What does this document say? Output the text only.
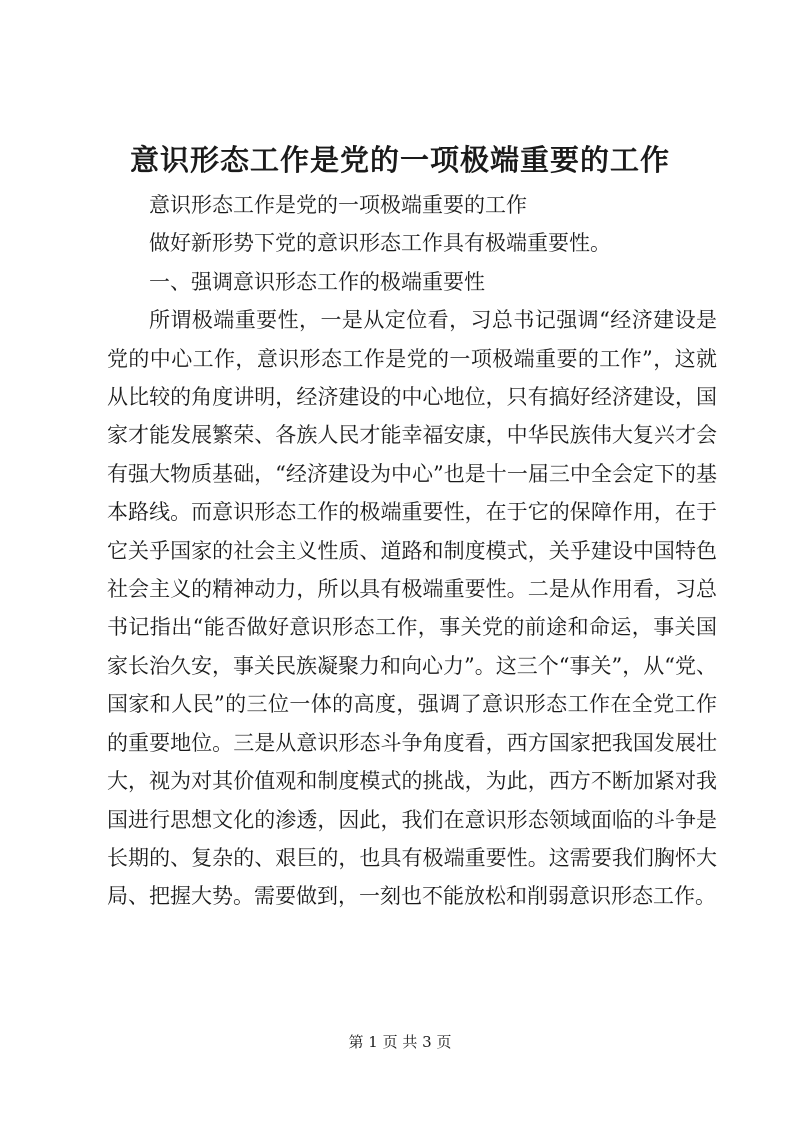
意识形态工作是党的一项极端重要的工作

意识形态工作是党的一项极端重要的工作

做好新形势下党的意识形态工作具有极端重要性。

一、强调意识形态工作的极端重要性

所谓极端重要性，一是从定位看，习总书记强调“经济建设是党的中心工作，意识形态工作是党的一项极端重要的工作”，这就从比较的角度讲明，经济建设的中心地位，只有搞好经济建设，国家才能发展繁荣、各族人民才能幸福安康，中华民族伟大复兴才会有强大物质基础，“经济建设为中心”也是十一届三中全会定下的基本路线。而意识形态工作的极端重要性，在于它的保障作用，在于它关乎国家的社会主义性质、道路和制度模式，关乎建设中国特色社会主义的精神动力，所以具有极端重要性。二是从作用看，习总书记指出“能否做好意识形态工作，事关党的前途和命运，事关国家长治久安，事关民族凝聚力和向心力”。这三个“事关”，从“党、国家和人民”的三位一体的高度，强调了意识形态工作在全党工作的重要地位。三是从意识形态斗争角度看，西方国家把我国发展壮大，视为对其价值观和制度模式的挑战，为此，西方不断加紧对我国进行思想文化的渗透，因此，我们在意识形态领域面临的斗争是长期的、复杂的、艰巨的，也具有极端重要性。这需要我们胸怀大局、把握大势。需要做到，一刻也不能放松和削弱意识形态工作。

第 1 页 共 3 页
